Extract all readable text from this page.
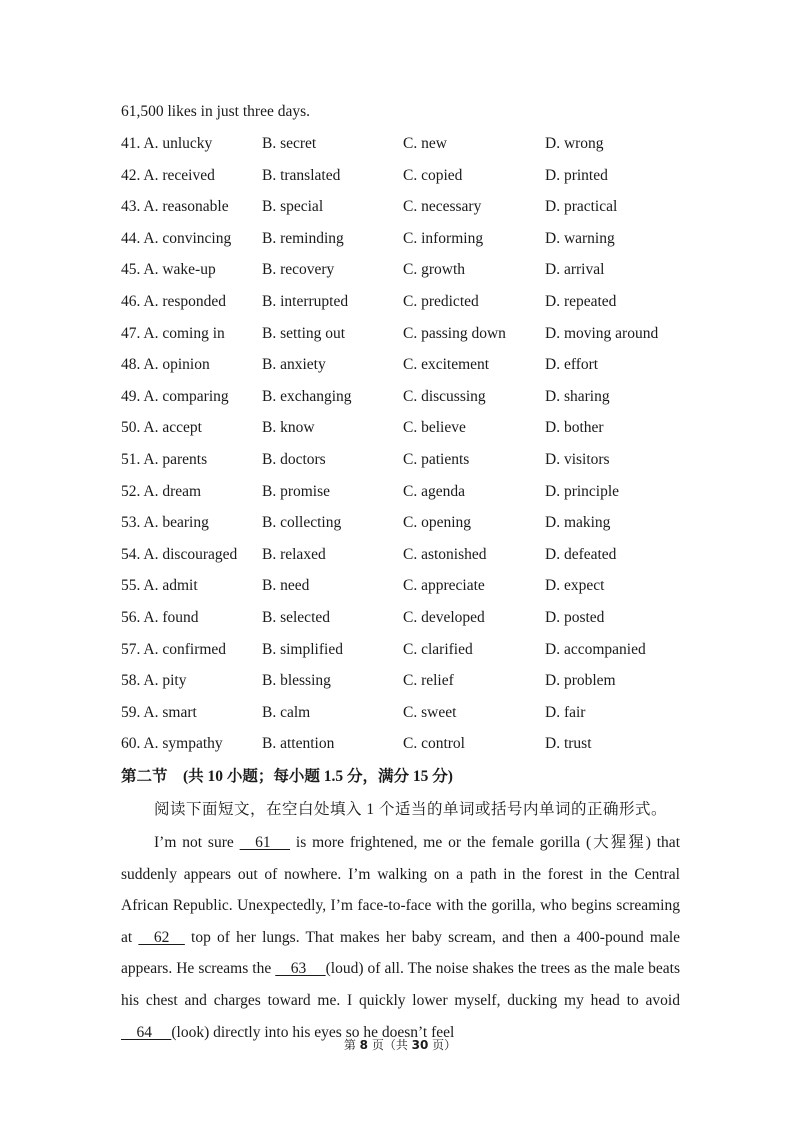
61,500 likes in just three days.
41. A. unlucky	B. secret	C. new	D. wrong
42. A. received	B. translated	C. copied	D. printed
43. A. reasonable B. special	C. necessary	D. practical
44. A. convincing B. reminding	C. informing	D. warning
45. A. wake-up	B. recovery	C. growth	D. arrival
46. A. responded B. interrupted	C. predicted	D. repeated
47. A. coming in B. setting out	C. passing down	D. moving around
48. A. opinion	B. anxiety	C. excitement	D. effort
49. A. comparing B. exchanging	C. discussing	D. sharing
50. A. accept	B. know	C. believe	D. bother
51. A. parents	B. doctors	C. patients	D. visitors
52. A. dream	B. promise	C. agenda	D. principle
53. A. bearing	B. collecting	C. opening	D. making
54. A. discouraged B. relaxed	C. astonished	D. defeated
55. A. admit	B. need	C. appreciate	D. expect
56. A. found	B. selected	C. developed	D. posted
57. A. confirmed B. simplified	C. clarified	D. accompanied
58. A. pity	B. blessing	C. relief	D. problem
59. A. smart	B. calm	C. sweet	D. fair
60. A. sympathy	B. attention	C. control	D. trust
第二节　(共 10 小题；每小题 1.5 分，满分 15 分)
阅读下面短文，在空白处填入 1 个适当的单词或括号内单词的正确形式。
I’m not sure     61      is more frightened, me or the female gorilla (大猩猩) that suddenly appears out of nowhere. I’m walking on a path in the forest in the Central African Republic. Unexpectedly, I’m face-to-face with the gorilla, who begins screaming at     62     top of her lungs. That makes her baby scream, and then a 400-pound male appears. He screams the     63     (loud) of all. The noise shakes the trees as the male beats his chest and charges toward me. I quickly lower myself, ducking my head to avoid     64     (look) directly into his eyes so he doesn’t feel
第 8 页（共 30 页）
